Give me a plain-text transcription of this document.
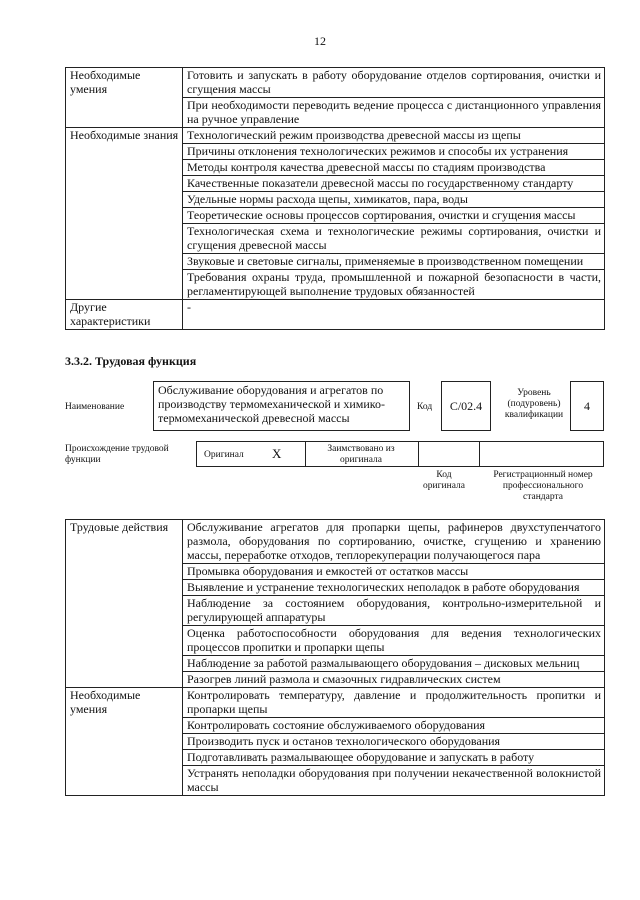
12
Необходимые умения	Готовить и запускать в работу оборудование отделов сортирования, очистки и сгущения массы
	При необходимости переводить ведение процесса с дистанционного управления на ручное управление
Необходимые знания	Технологический режим производства древесной массы из щепы
	Причины отклонения технологических режимов и способы их устранения
	Методы контроля качества древесной массы по стадиям производства
	Качественные показатели древесной массы по государственному стандарту
	Удельные нормы расхода щепы, химикатов, пара, воды
	Теоретические основы процессов сортирования, очистки и сгущения массы
	Технологическая схема и технологические режимы сортирования, очистки и сгущения древесной массы
	Звуковые и световые сигналы, применяемые в производственном помещении
	Требования охраны труда, промышленной и пожарной безопасности в части, регламентирующей выполнение трудовых обязанностей
Другие характеристики	-
3.3.2. Трудовая функция
Наименование
Обслуживание оборудования и агрегатов по производству термомеханической и химико-термомеханической древесной массы
Код	C/02.4
Уровень (подуровень) квалификации
4
Происхождение трудовой функции	Оригинал X	Заимствовано из оригинала
Код оригинала
Регистрационный номер профессионального стандарта
Трудовые действия	Обслуживание агрегатов для пропарки щепы, рафинеров двухступенчатого размола, оборудования по сортированию, очистке, сгущению и хранению массы, переработке отходов, теплорекуперации получающегося пара
	Промывка оборудования и емкостей от остатков массы
	Выявление и устранение технологических неполадок в работе оборудования
	Наблюдение за состоянием оборудования, контрольно-измерительной и регулирующей аппаратуры
	Оценка работоспособности оборудования для ведения технологических процессов пропитки и пропарки щепы
	Наблюдение за работой размалывающего оборудования – дисковых мельниц
	Разогрев линий размола и смазочных гидравлических систем
Необходимые умения	Контролировать температуру, давление и продолжительность пропитки и пропарки щепы
	Контролировать состояние обслуживаемого оборудования
	Производить пуск и останов технологического оборудования
	Подготавливать размалывающее оборудование и запускать в работу
	Устранять неполадки оборудования при получении некачественной волокнистой массы
